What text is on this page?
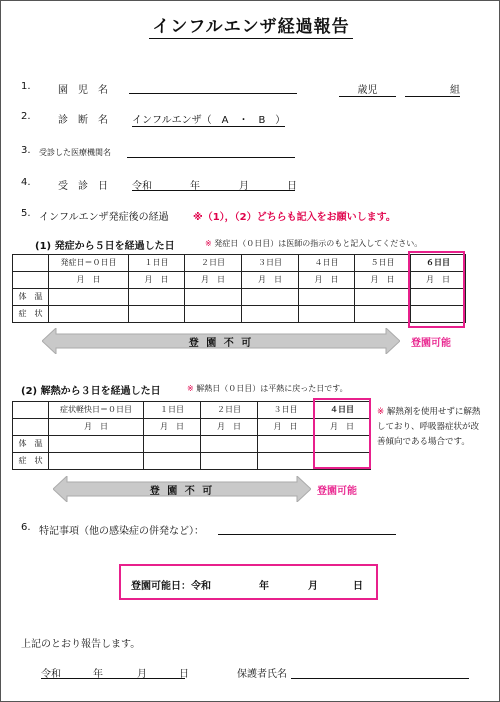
インフルエンザ経過報告
1.	園　児　名	歳児	組
2.	診　断　名 インフルエンザ（　A　・　B　）
3. 受診した医療機関名
4.	受　診　日 令和	年	月	日
5. インフルエンザ発症後の経過 ※（1），（2）どちらも記入をお願いします。
(1) 発症から５日を経過した日	※ 発症日（０日目）は医師の指示のもと記入してください。
	発症日＝０日目	１日目	２日目	３日目	４日目	５日目	６日目
	月　日	月　日	月　日	月　日	月　日	月　日	月　日
体　温							
症　状							
登 園 不 可	登園可能
(2) 解熱から３日を経過した日	※ 解熱日（０日目）は平熱に戻った日です。
	症状軽快日＝０日目	１日目	２日目	３日目	４日目
	月　日	月　日	月　日	月　日	月　日
体　温					
症　状					
※ 解熱剤を使用せずに解熱しており、呼吸器症状が改善傾向である場合です。
登 園 不 可	登園可能
6. 特記事項（他の感染症の併発など）：
登園可能日：令和	年	月	日
上記のとおり報告します。
令和	年	月	日	保護者氏名
